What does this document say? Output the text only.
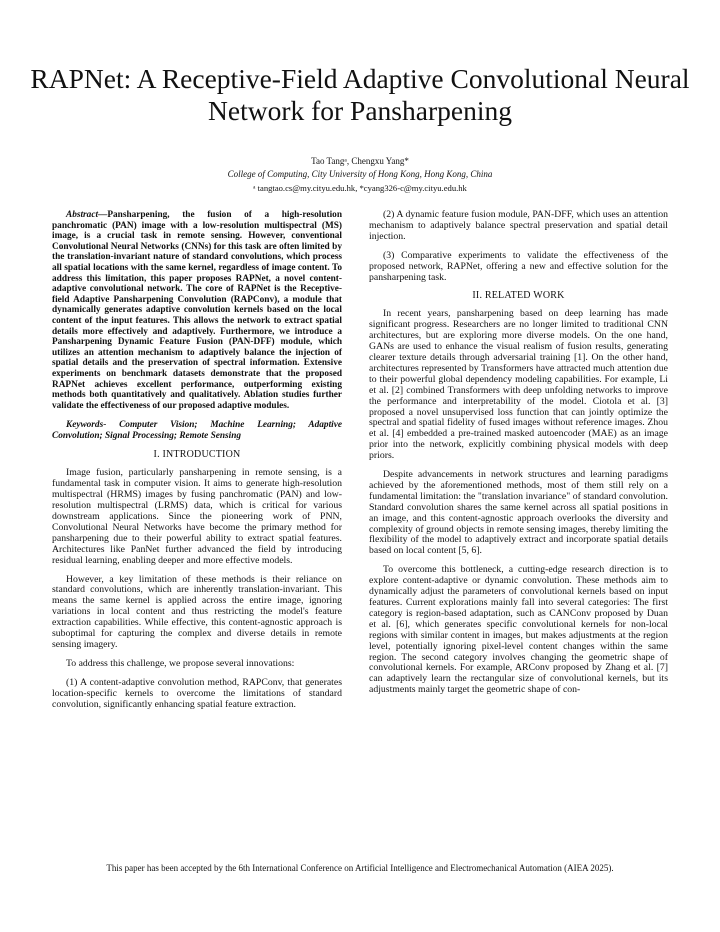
RAPNet: A Receptive-Field Adaptive Convolutional Neural Network for Pansharpening
Tao Tangᵃ, Chengxu Yang*
College of Computing, City University of Hong Kong, Hong Kong, China
ᵃ tangtao.cs@my.cityu.edu.hk, *cyang326-c@my.cityu.edu.hk

Abstract—Pansharpening, the fusion of a high-resolution panchromatic (PAN) image with a low-resolution multispectral (MS) image, is a crucial task in remote sensing. However, conventional Convolutional Neural Networks (CNNs) for this task are often limited by the translation-invariant nature of standard convolutions, which process all spatial locations with the same kernel, regardless of image content. To address this limitation, this paper proposes RAPNet, a novel content-adaptive convolutional network. The core of RAPNet is the Receptive-field Adaptive Pansharpening Convolution (RAPConv), a module that dynamically generates adaptive convolution kernels based on the local content of the input features. This allows the network to extract spatial details more effectively and adaptively. Furthermore, we introduce a Pansharpening Dynamic Feature Fusion (PAN-DFF) module, which utilizes an attention mechanism to adaptively balance the injection of spatial details and the preservation of spectral information. Extensive experiments on benchmark datasets demonstrate that the proposed RAPNet achieves excellent performance, outperforming existing methods both quantitatively and qualitatively. Ablation studies further validate the effectiveness of our proposed adaptive modules.

Keywords- Computer Vision; Machine Learning; Adaptive Convolution; Signal Processing; Remote Sensing

I. INTRODUCTION

Image fusion, particularly pansharpening in remote sensing, is a fundamental task in computer vision. It aims to generate high-resolution multispectral (HRMS) images by fusing panchromatic (PAN) and low-resolution multispectral (LRMS) data, which is critical for various downstream applications. Since the pioneering work of PNN, Convolutional Neural Networks have become the primary method for pansharpening due to their powerful ability to extract spatial features. Architectures like PanNet further advanced the field by introducing residual learning, enabling deeper and more effective models.

However, a key limitation of these methods is their reliance on standard convolutions, which are inherently translation-invariant. This means the same kernel is applied across the entire image, ignoring variations in local content and thus restricting the model's feature extraction capabilities. While effective, this content-agnostic approach is suboptimal for capturing the complex and diverse details in remote sensing imagery.

To address this challenge, we propose several innovations:

(1) A content-adaptive convolution method, RAPConv, that generates location-specific kernels to overcome the limitations of standard convolution, significantly enhancing spatial feature extraction.

(2) A dynamic feature fusion module, PAN-DFF, which uses an attention mechanism to adaptively balance spectral preservation and spatial detail injection.

(3) Comparative experiments to validate the effectiveness of the proposed network, RAPNet, offering a new and effective solution for the pansharpening task.

II. RELATED WORK

In recent years, pansharpening based on deep learning has made significant progress. Researchers are no longer limited to traditional CNN architectures, but are exploring more diverse models. On the one hand, GANs are used to enhance the visual realism of fusion results, generating clearer texture details through adversarial training [1]. On the other hand, architectures represented by Transformers have attracted much attention due to their powerful global dependency modeling capabilities. For example, Li et al. [2] combined Transformers with deep unfolding networks to improve the performance and interpretability of the model. Ciotola et al. [3] proposed a novel unsupervised loss function that can jointly optimize the spectral and spatial fidelity of fused images without reference images. Zhou et al. [4] embedded a pre-trained masked autoencoder (MAE) as an image prior into the network, explicitly combining physical models with deep priors.

Despite advancements in network structures and learning paradigms achieved by the aforementioned methods, most of them still rely on a fundamental limitation: the "translation invariance" of standard convolution. Standard convolution shares the same kernel across all spatial positions in an image, and this content-agnostic approach overlooks the diversity and complexity of ground objects in remote sensing images, thereby limiting the flexibility of the model to adaptively extract and incorporate spatial details based on local content [5, 6].

To overcome this bottleneck, a cutting-edge research direction is to explore content-adaptive or dynamic convolution. These methods aim to dynamically adjust the parameters of convolutional kernels based on input features. Current explorations mainly fall into several categories: The first category is region-based adaptation, such as CANConv proposed by Duan et al. [6], which generates specific convolutional kernels for non-local regions with similar content in images, but makes adjustments at the region level, potentially ignoring pixel-level content changes within the same region. The second category involves changing the geometric shape of convolutional kernels. For example, ARConv proposed by Zhang et al. [7] can adaptively learn the rectangular size of convolutional kernels, but its adjustments mainly target the geometric shape of con-

This paper has been accepted by the 6th International Conference on Artificial Intelligence and Electromechanical Automation (AIEA 2025).
